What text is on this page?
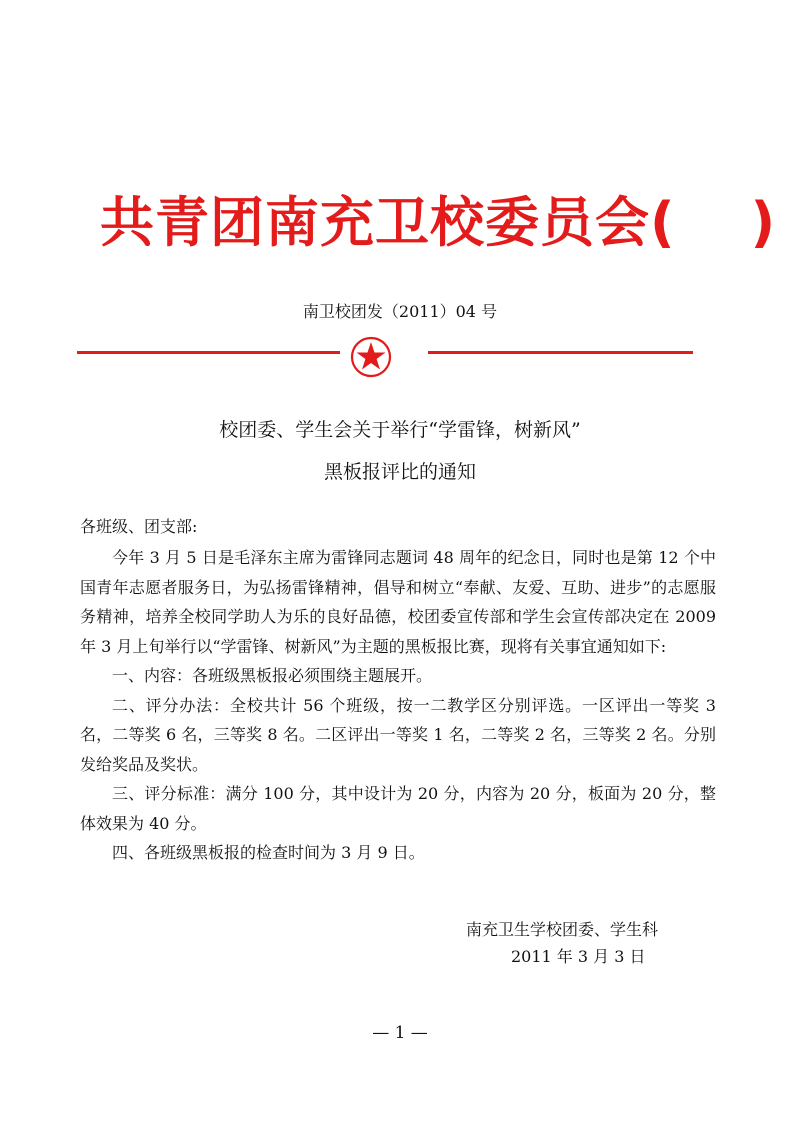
共青团南充卫校委员会(　 )
南卫校团发（2011）04 号
校团委、学生会关于举行“学雷锋，树新风”
黑板报评比的通知
各班级、团支部:

今年 3 月 5 日是毛泽东主席为雷锋同志题词 48 周年的纪念日，同时也是第 12 个中国青年志愿者服务日，为弘扬雷锋精神，倡导和树立“奉献、友爱、互助、进步”的志愿服务精神，培养全校同学助人为乐的良好品德，校团委宣传部和学生会宣传部决定在 2009 年 3 月上旬举行以“学雷锋、树新风”为主题的黑板报比赛，现将有关事宜通知如下:

一、内容：各班级黑板报必须围绕主题展开。

二、评分办法：全校共计 56 个班级，按一二教学区分别评选。一区评出一等奖 3 名，二等奖 6 名，三等奖 8 名。二区评出一等奖 1 名，二等奖 2 名，三等奖 2 名。分别发给奖品及奖状。

三、评分标准：满分 100 分，其中设计为 20 分，内容为 20 分，板面为 20 分，整体效果为 40 分。

四、各班级黑板报的检查时间为 3 月 9 日。

南充卫生学校团委、学生科
2011 年 3 月 3 日
— 1 —
